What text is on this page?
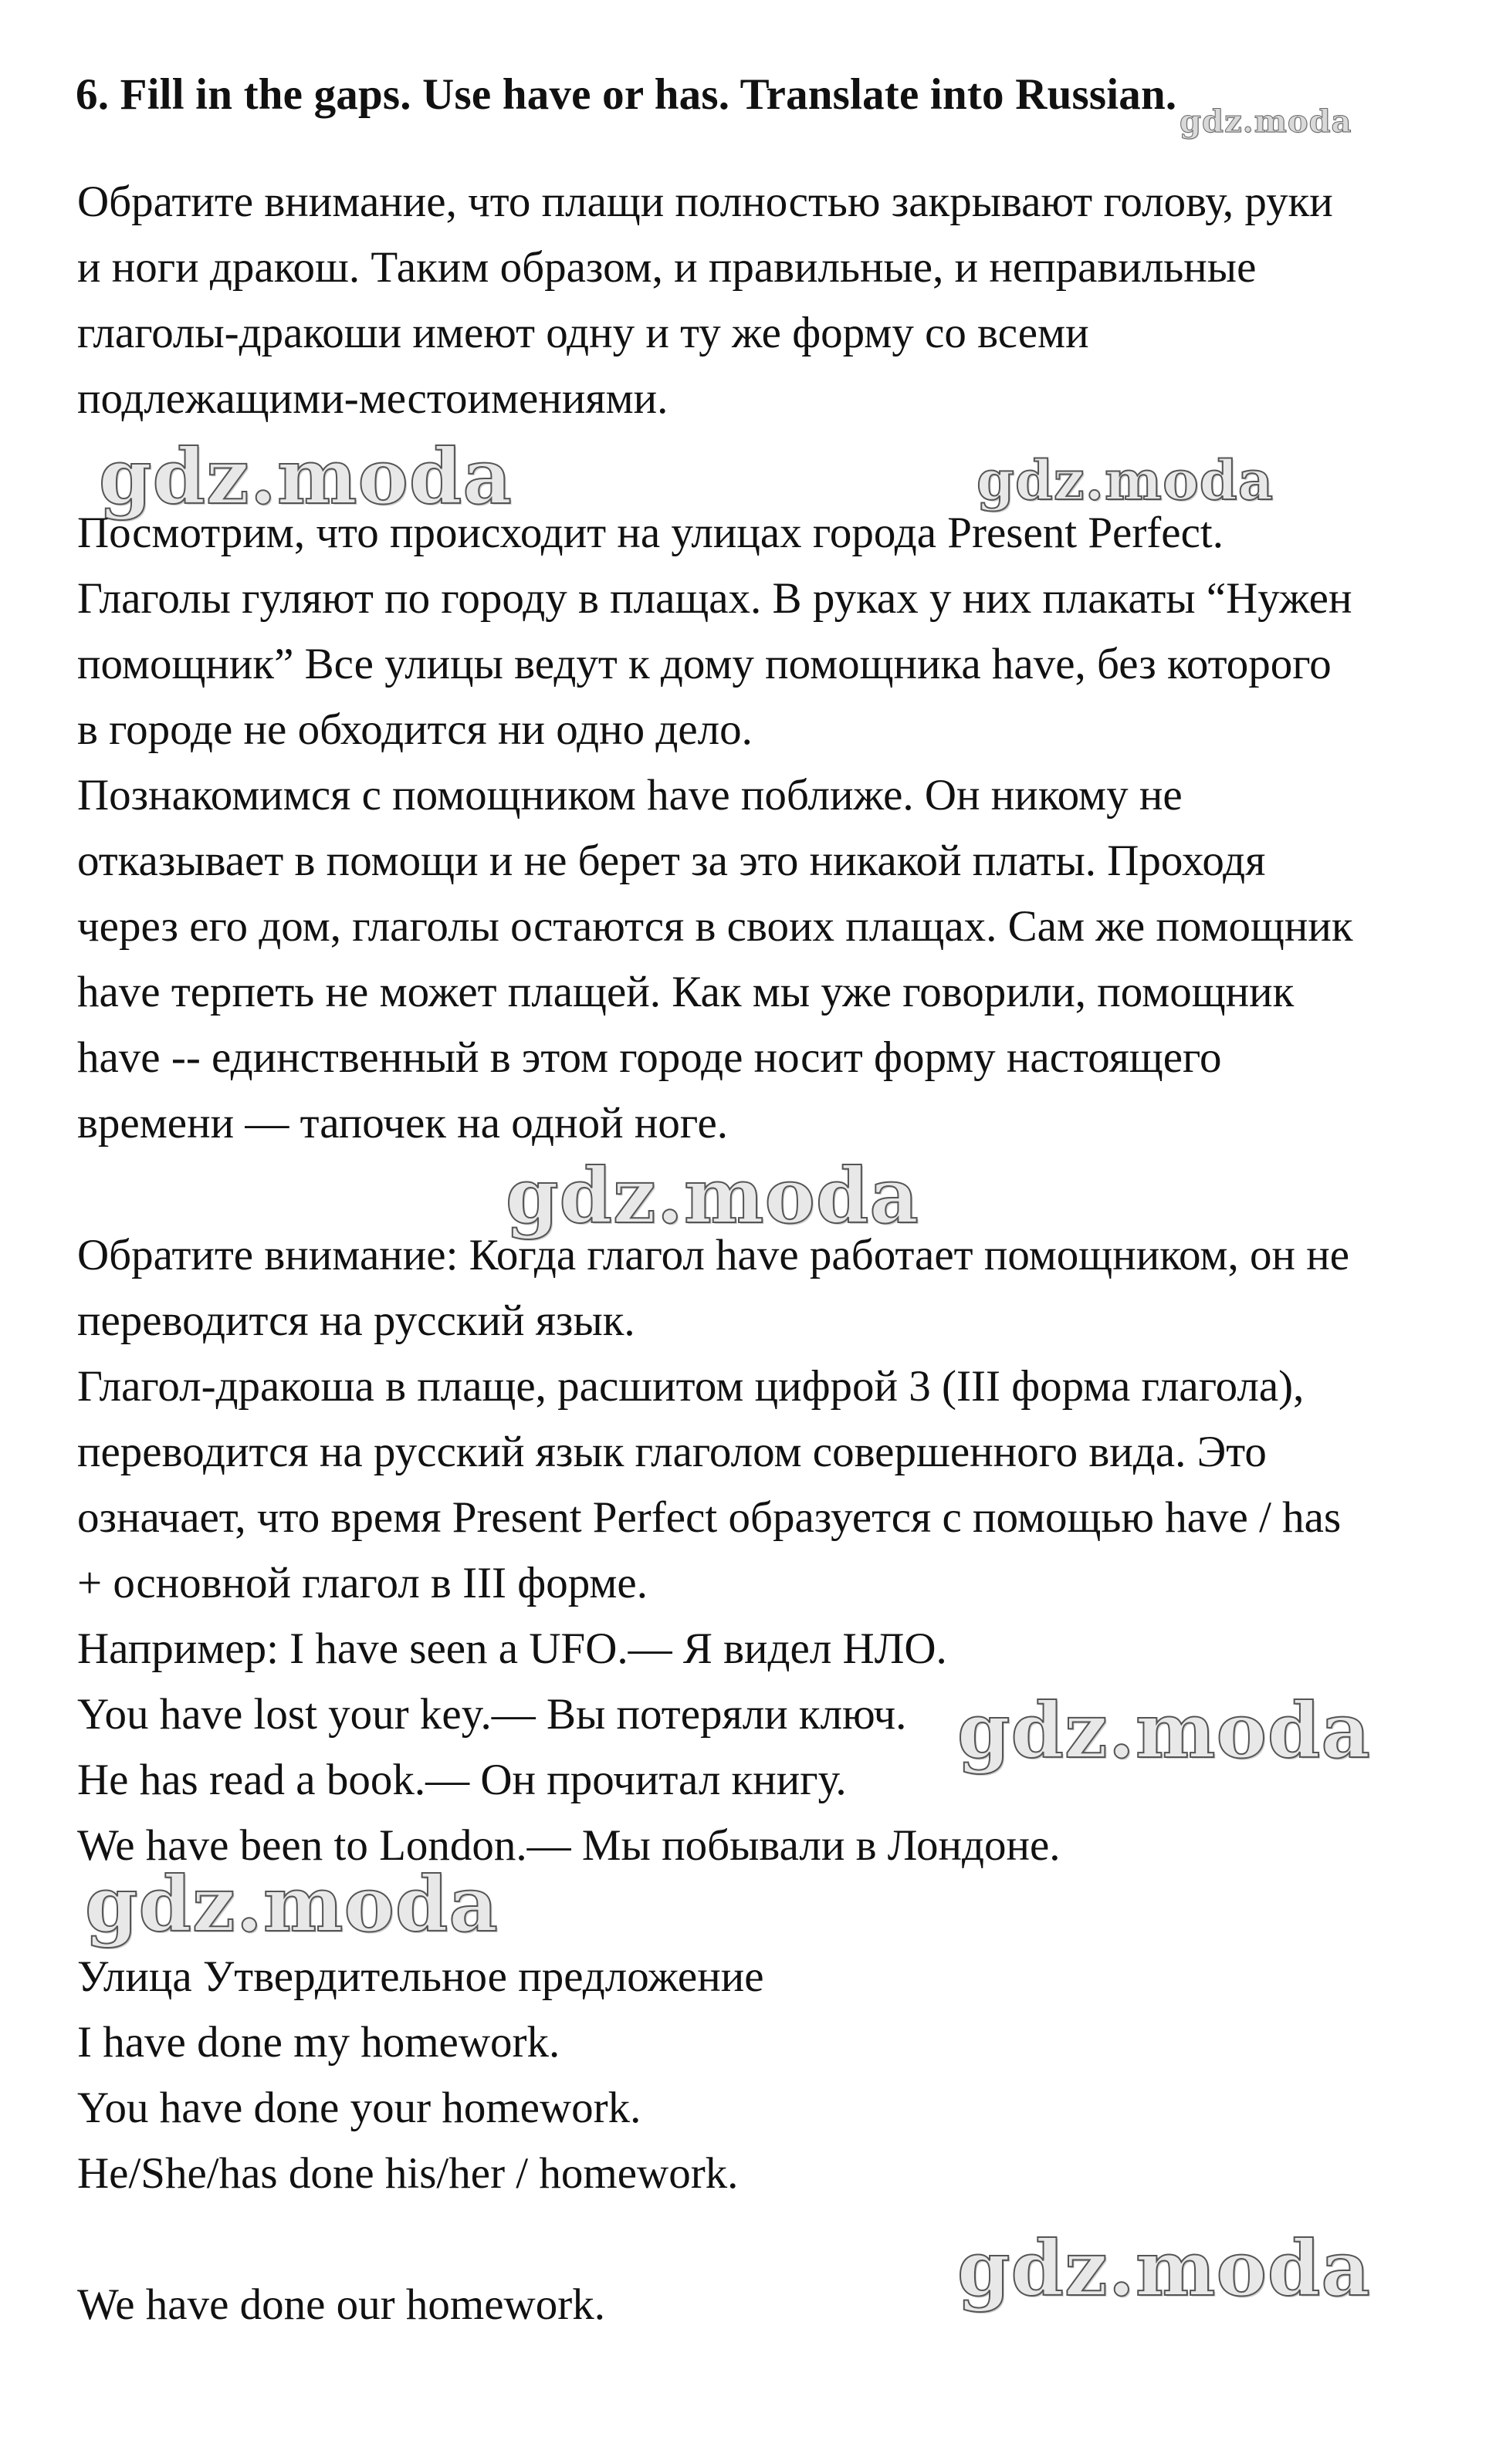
6. Fill in the gaps. Use have or has. Translate into Russian.
gdz.moda
Обратите внимание, что плащи полностью закрывают голову, руки
и ноги дракош. Таким образом, и правильные, и неправильные
глаголы-дракоши имеют одну и ту же форму со всеми
подлежащими-местоимениями.
gdz.moda	gdz.moda
Посмотрим, что происходит на улицах города Present Perfect.
Глаголы гуляют по городу в плащах. В руках у них плакаты “Нужен
помощник” Все улицы ведут к дому помощника have, без которого
в городе не обходится ни одно дело.
Познакомимся с помощником have поближе. Он никому не
отказывает в помощи и не берет за это никакой платы. Проходя
через его дом, глаголы остаются в своих плащах. Сам же помощник
have терпеть не может плащей. Как мы уже говорили, помощник
have -- единственный в этом городе носит форму настоящего
времени — тапочек на одной ноге.
gdz.moda
Обратите внимание: Когда глагол have работает помощником, он не
переводится на русский язык.
Глагол-дракоша в плаще, расшитом цифрой 3 (III форма глагола),
переводится на русский язык глаголом совершенного вида. Это
означает, что время Present Perfect образуется с помощью have / has
+ основной глагол в III форме.
Например: I have seen a UFO.— Я видел НЛО.
You have lost your key.— Вы потеряли ключ.
He has read a book.— Он прочитал книгу.
We have been to London.— Мы побывали в Лондоне.
gdz.moda
gdz.moda
Улица Утвердительное предложение
I have done my homework.
You have done your homework.
He/She/has done his/her / homework.
gdz.moda
We have done our homework.
